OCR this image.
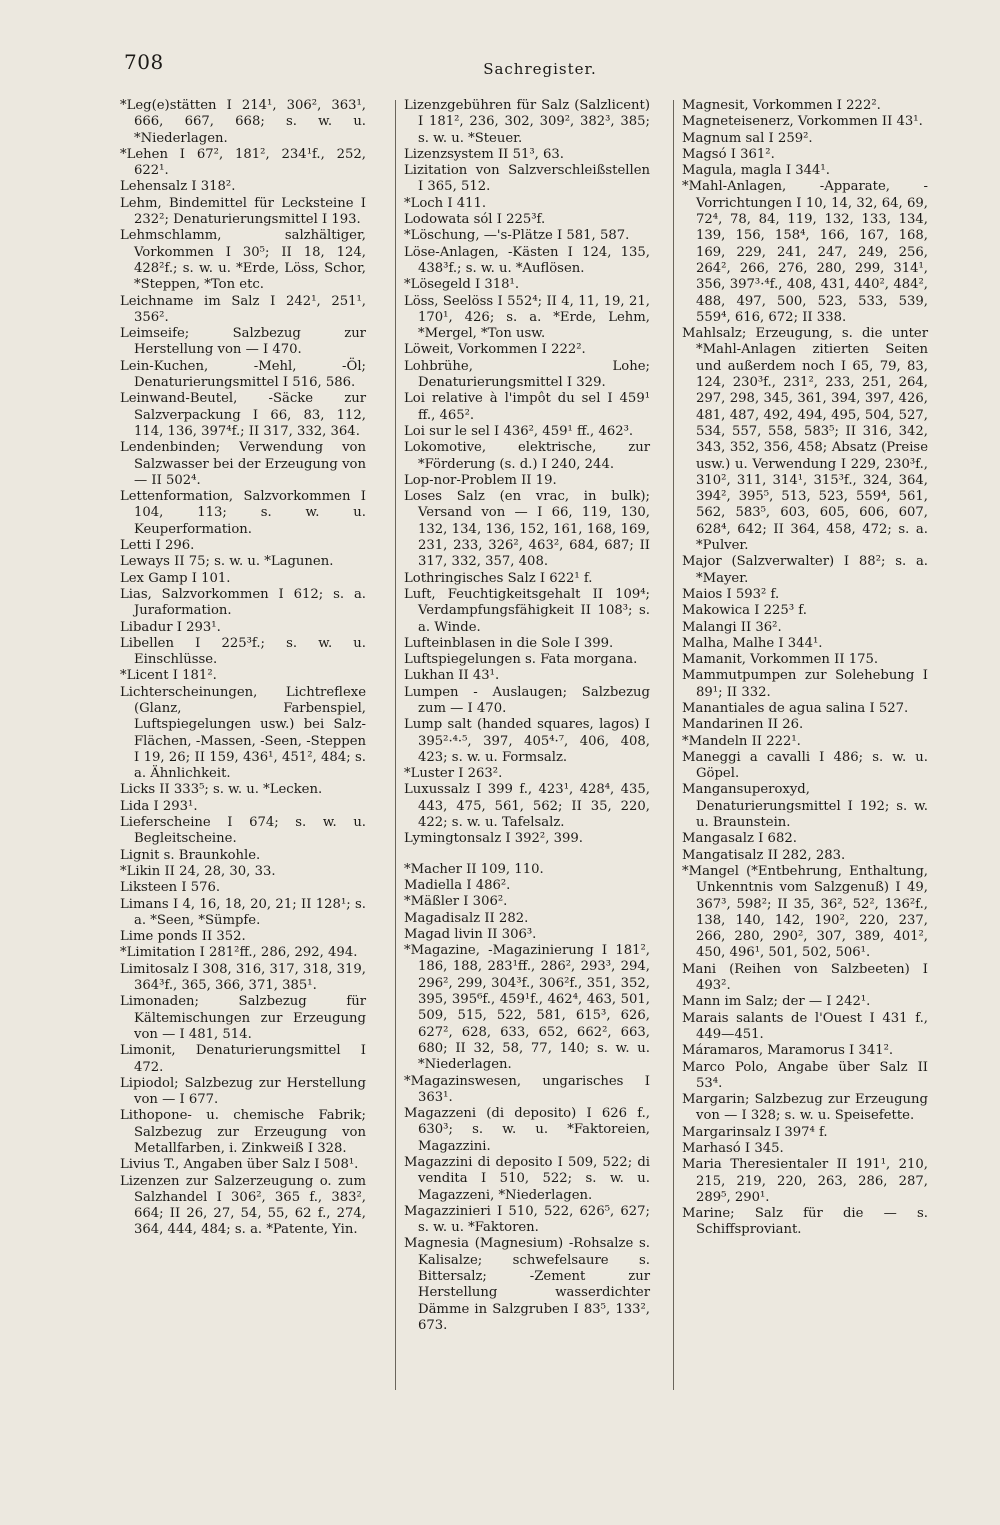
708	Sachregister.

*Leg(e)stätten I 214¹, 306², 363¹, 666, 667, 668; s. w. u. *Niederlagen.

*Lehen I 67², 181², 234¹f., 252, 622¹.

Lehensalz I 318².

Lehm, Bindemittel für Lecksteine I 232²; Denaturierungsmittel I 193.

Lehmschlamm, salzhältiger, Vorkommen I 30⁵; II 18, 124, 428²f.; s. w. u. *Erde, Löss, Schor, *Steppen, *Ton etc.

Leichname im Salz I 242¹, 251¹, 356².

Leimseife; Salzbezug zur Herstellung von — I 470.

Lein-Kuchen, -Mehl, -Öl; Denaturierungsmittel I 516, 586.

Leinwand-Beutel, -Säcke zur Salzverpackung I 66, 83, 112, 114, 136, 397⁴f.; II 317, 332, 364.

Lendenbinden; Verwendung von Salzwasser bei der Erzeugung von — II 502⁴.

Lettenformation, Salzvorkommen I 104, 113; s. w. u. Keuperformation.

Letti I 296.

Leways II 75; s. w. u. *Lagunen.

Lex Gamp I 101.

Lias, Salzvorkommen I 612; s. a. Juraformation.

Libadur I 293¹.

Libellen I 225³f.; s. w. u. Einschlüsse.

*Licent I 181².

Lichterscheinungen, Lichtreflexe (Glanz, Farbenspiel, Luftspiegelungen usw.) bei Salz-Flächen, -Massen, -Seen, -Steppen I 19, 26; II 159, 436¹, 451², 484; s. a. Ähnlichkeit.

Licks II 333⁵; s. w. u. *Lecken.

Lida I 293¹.

Lieferscheine I 674; s. w. u. Begleitscheine.

Lignit s. Braunkohle.

*Likin II 24, 28, 30, 33.

Liksteen I 576.

Limans I 4, 16, 18, 20, 21; II 128¹; s. a. *Seen, *Sümpfe.

Lime ponds II 352.

*Limitation I 281²ff., 286, 292, 494.

Limitosalz I 308, 316, 317, 318, 319, 364³f., 365, 366, 371, 385¹.

Limonaden; Salzbezug für Kältemischungen zur Erzeugung von — I 481, 514.

Limonit, Denaturierungsmittel I 472.

Lipiodol; Salzbezug zur Herstellung von — I 677.

Lithopone- u. chemische Fabrik; Salzbezug zur Erzeugung von Metallfarben, i. Zinkweiß I 328.

Livius T., Angaben über Salz I 508¹.

Lizenzen zur Salzerzeugung o. zum Salzhandel I 306², 365 f., 383², 664; II 26, 27, 54, 55, 62 f., 274, 364, 444, 484; s. a. *Patente, Yin.

Lizenzgebühren für Salz (Salzlicent) I 181², 236, 302, 309², 382³, 385; s. w. u. *Steuer.

Lizenzsystem II 51³, 63.

Lizitation von Salzverschleißstellen I 365, 512.

*Loch I 411.

Lodowata sól I 225³f.

*Löschung, —'s-Plätze I 581, 587.

Löse-Anlagen, -Kästen I 124, 135, 438³f.; s. w. u. *Auflösen.

*Lösegeld I 318¹.

Löss, Seelöss I 552⁴; II 4, 11, 19, 21, 170¹, 426; s. a. *Erde, Lehm, *Mergel, *Ton usw.

Löweit, Vorkommen I 222².

Lohbrühe, Lohe; Denaturierungsmittel I 329.

Loi relative à l'impôt du sel I 459¹ ff., 465².

Loi sur le sel I 436², 459¹ ff., 462³.

Lokomotive, elektrische, zur *Förderung (s. d.) I 240, 244.

Lop-nor-Problem II 19.

Loses Salz (en vrac, in bulk); Versand von — I 66, 119, 130, 132, 134, 136, 152, 161, 168, 169, 231, 233, 326², 463², 684, 687; II 317, 332, 357, 408.

Lothringisches Salz I 622¹ f.

Luft, Feuchtigkeitsgehalt II 109⁴; Verdampfungsfähigkeit II 108³; s. a. Winde.

Lufteinblasen in die Sole I 399.

Luftspiegelungen s. Fata morgana.

Lukhan II 43¹.

Lumpen - Auslaugen; Salzbezug zum — I 470.

Lump salt (handed squares, lagos) I 395²·⁴·⁵, 397, 405⁴·⁷, 406, 408, 423; s. w. u. Formsalz.

*Luster I 263².

Luxussalz I 399 f., 423¹, 428⁴, 435, 443, 475, 561, 562; II 35, 220, 422; s. w. u. Tafelsalz.

Lymingtonsalz I 392², 399.

*Macher II 109, 110.

Madiella I 486².

*Mäßler I 306².

Magadisalz II 282.

Magad livin II 306³.

*Magazine, -Magazinierung I 181², 186, 188, 283¹ff., 286², 293³, 294, 296², 299, 304³f., 306²f., 351, 352, 395, 395⁶f., 459¹f., 462⁴, 463, 501, 509, 515, 522, 581, 615³, 626, 627², 628, 633, 652, 662², 663, 680; II 32, 58, 77, 140; s. w. u. *Niederlagen.

*Magazinswesen, ungarisches I 363¹.

Magazzeni (di deposito) I 626 f., 630³; s. w. u. *Faktoreien, Magazzini.

Magazzini di deposito I 509, 522; di vendita I 510, 522; s. w. u. Magazzeni, *Niederlagen.

Magazzinieri I 510, 522, 626⁵, 627; s. w. u. *Faktoren.

Magnesia (Magnesium) -Rohsalze s. Kalisalze; schwefelsaure s. Bittersalz; -Zement zur Herstellung wasserdichter Dämme in Salzgruben I 83⁵, 133², 673.

Magnesit, Vorkommen I 222².

Magneteisenerz, Vorkommen II 43¹.

Magnum sal I 259².

Magsó I 361².

Magula, magla I 344¹.

*Mahl-Anlagen, -Apparate, -Vorrichtungen I 10, 14, 32, 64, 69, 72⁴, 78, 84, 119, 132, 133, 134, 139, 156, 158⁴, 166, 167, 168, 169, 229, 241, 247, 249, 256, 264², 266, 276, 280, 299, 314¹, 356, 397³·⁴f., 408, 431, 440², 484², 488, 497, 500, 523, 533, 539, 559⁴, 616, 672; II 338.

Mahlsalz; Erzeugung, s. die unter *Mahl-Anlagen zitierten Seiten und außerdem noch I 65, 79, 83, 124, 230³f., 231², 233, 251, 264, 297, 298, 345, 361, 394, 397, 426, 481, 487, 492, 494, 495, 504, 527, 534, 557, 558, 583⁵; II 316, 342, 343, 352, 356, 458; Absatz (Preise usw.) u. Verwendung I 229, 230³f., 310², 311, 314¹, 315³f., 324, 364, 394², 395⁵, 513, 523, 559⁴, 561, 562, 583⁵, 603, 605, 606, 607, 628⁴, 642; II 364, 458, 472; s. a. *Pulver.

Major (Salzverwalter) I 88²; s. a. *Mayer.

Maios I 593² f.

Makowica I 225³ f.

Malangi II 36².

Malha, Malhe I 344¹.

Mamanit, Vorkommen II 175.

Mammutpumpen zur Solehebung I 89¹; II 332.

Manantiales de agua salina I 527.

Mandarinen II 26.

*Mandeln II 222¹.

Maneggi a cavalli I 486; s. w. u. Göpel.

Mangansuperoxyd, Denaturierungsmittel I 192; s. w. u. Braunstein.

Mangasalz I 682.

Mangatisalz II 282, 283.

*Mangel (*Entbehrung, Enthaltung, Unkenntnis vom Salzgenuß) I 49, 367³, 598²; II 35, 36², 52², 136²f., 138, 140, 142, 190², 220, 237, 266, 280, 290², 307, 389, 401², 450, 496¹, 501, 502, 506¹.

Mani (Reihen von Salzbeeten) I 493².

Mann im Salz; der — I 242¹.

Marais salants de l'Ouest I 431 f., 449—451.

Máramaros, Maramorus I 341².

Marco Polo, Angabe über Salz II 53⁴.

Margarin; Salzbezug zur Erzeugung von — I 328; s. w. u. Speisefette.

Margarinsalz I 397⁴ f.

Marhasó I 345.

Maria Theresientaler II 191¹, 210, 215, 219, 220, 263, 286, 287, 289⁵, 290¹.

Marine; Salz für die — s. Schiffsproviant.
